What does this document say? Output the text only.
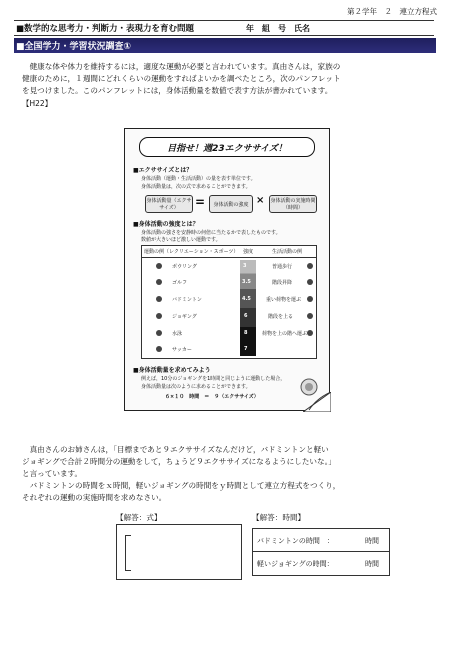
第２学年　２　連立方程式
■数学的な思考力・判断力・表現力を育む問題	年　組　号　氏名
■全国学力・学習状況調査①
　健康な体や体力を維持するには，適度な運動が必要と言われています。真由さんは，家族の
健康のために，１週間にどれくらいの運動をすればよいかを調べたところ，次のパンフレット
を見つけました。このパンフレットには，身体活動量を数値で表す方法が書かれています。
【H22】
目指せ！週23エクササイズ！
■エクササイズとは？
身体活動（運動・生活活動）の量を表す単位です。
身体活動量は，次の式で求めることができます。
身体活動量（エクササイズ）	=	身体活動の強度 × 身体活動の実施時間（時間）
■身体活動の強度とは？
身体活動の強さを安静時の何倍に当たるかで表したものです。
数値が大きいほど激しい運動です。
運動の例（レクリエーション・スポーツ） 強度	生活活動の例
ボウリング	3	普通歩行
ゴルフ	3.5	階段昇降
バドミントン	4.5	重い荷物を運ぶ
ジョギング	6	階段を上る
水泳	8	荷物を上の階へ運ぶ
サッカー	7
■身体活動量を求めてみよう
例えば，10分のジョギングを1時間と同じように運動した場合，
身体活動量は次のように求めることができます。
６×１０　時間　＝　９（エクササイズ）
　真由さんのお姉さんは，「目標まであと９エクササイズなんだけど，バドミントンと軽い
ジョギングで合計２時間分の運動をして，ちょうど９エクササイズになるようにしたいな。」
と言っています。
　バドミントンの時間をｘ時間，軽いジョギングの時間をｙ時間として連立方程式をつくり，
それぞれの運動の実施時間を求めなさい。
【解答：式】	【解答：時間】
バドミントンの時間　：	時間
軽いジョギングの時間：	時間
